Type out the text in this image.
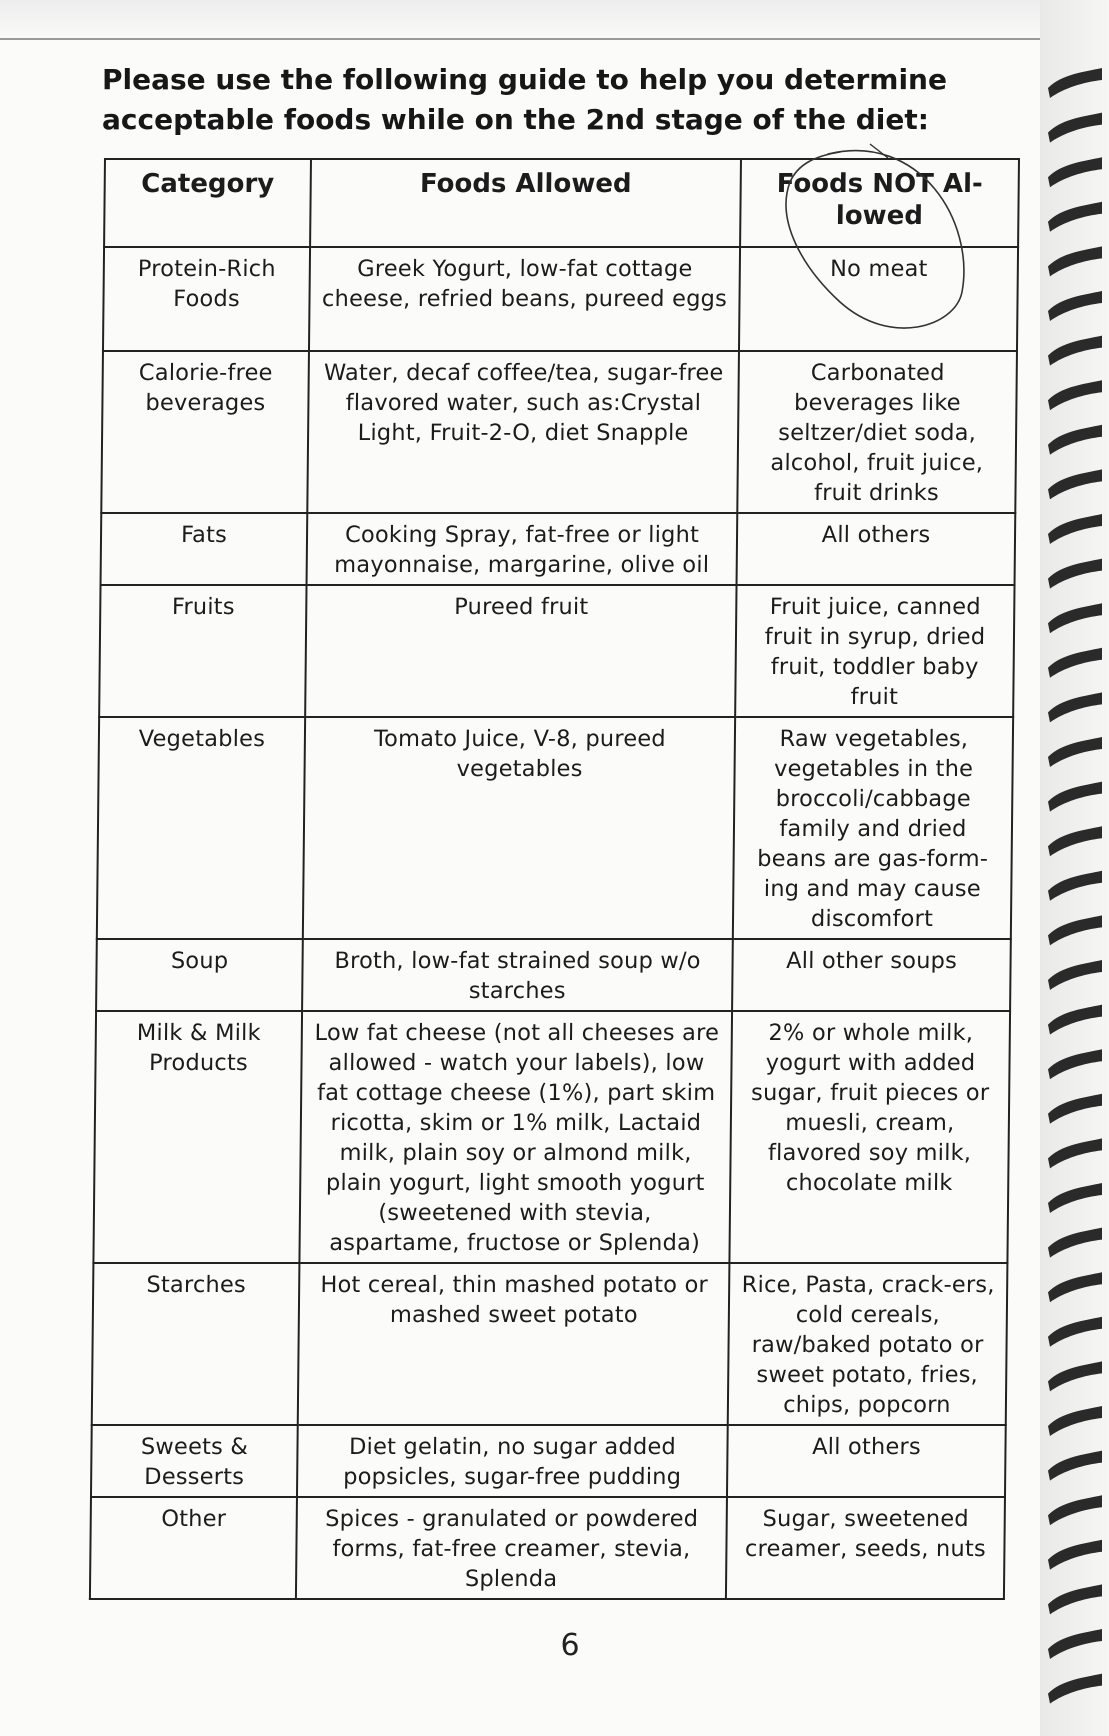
Please use the following guide to help you determine acceptable foods while on the 2nd stage of the diet:
Category	Foods Allowed	Foods NOT Al-lowed
Protein-Rich Foods	Greek Yogurt, low-fat cottage cheese, refried beans, pureed eggs	No meat
Calorie-free beverages	Water, decaf coffee/tea, sugar-free flavored water, such as:Crystal Light, Fruit-2-O, diet Snapple	Carbonated beverages like seltzer/diet soda, alcohol, fruit juice, fruit drinks
Fats	Cooking Spray, fat-free or light mayonnaise, margarine, olive oil	All others
Fruits	Pureed fruit	Fruit juice, canned fruit in syrup, dried fruit, toddler baby fruit
Vegetables	Tomato Juice, V-8, pureed vegetables	Raw vegetables, vegetables in the broccoli/cabbage family and dried beans are gas-form-ing and may cause discomfort
Soup	Broth, low-fat strained soup w/o starches	All other soups
Milk & Milk Products	Low fat cheese (not all cheeses are allowed - watch your labels), low fat cottage cheese (1%), part skim ricotta, skim or 1% milk, Lactaid milk, plain soy or almond milk, plain yogurt, light smooth yogurt (sweetened with stevia, aspartame, fructose or Splenda)	2% or whole milk, yogurt with added sugar, fruit pieces or muesli, cream, flavored soy milk, chocolate milk
Starches	Hot cereal, thin mashed potato or mashed sweet potato	Rice, Pasta, crack-ers, cold cereals, raw/baked potato or sweet potato, fries, chips, popcorn
Sweets & Desserts	Diet gelatin, no sugar added popsicles, sugar-free pudding	All others
Other	Spices - granulated or powdered forms, fat-free creamer, stevia, Splenda	Sugar, sweetened creamer, seeds, nuts
6
